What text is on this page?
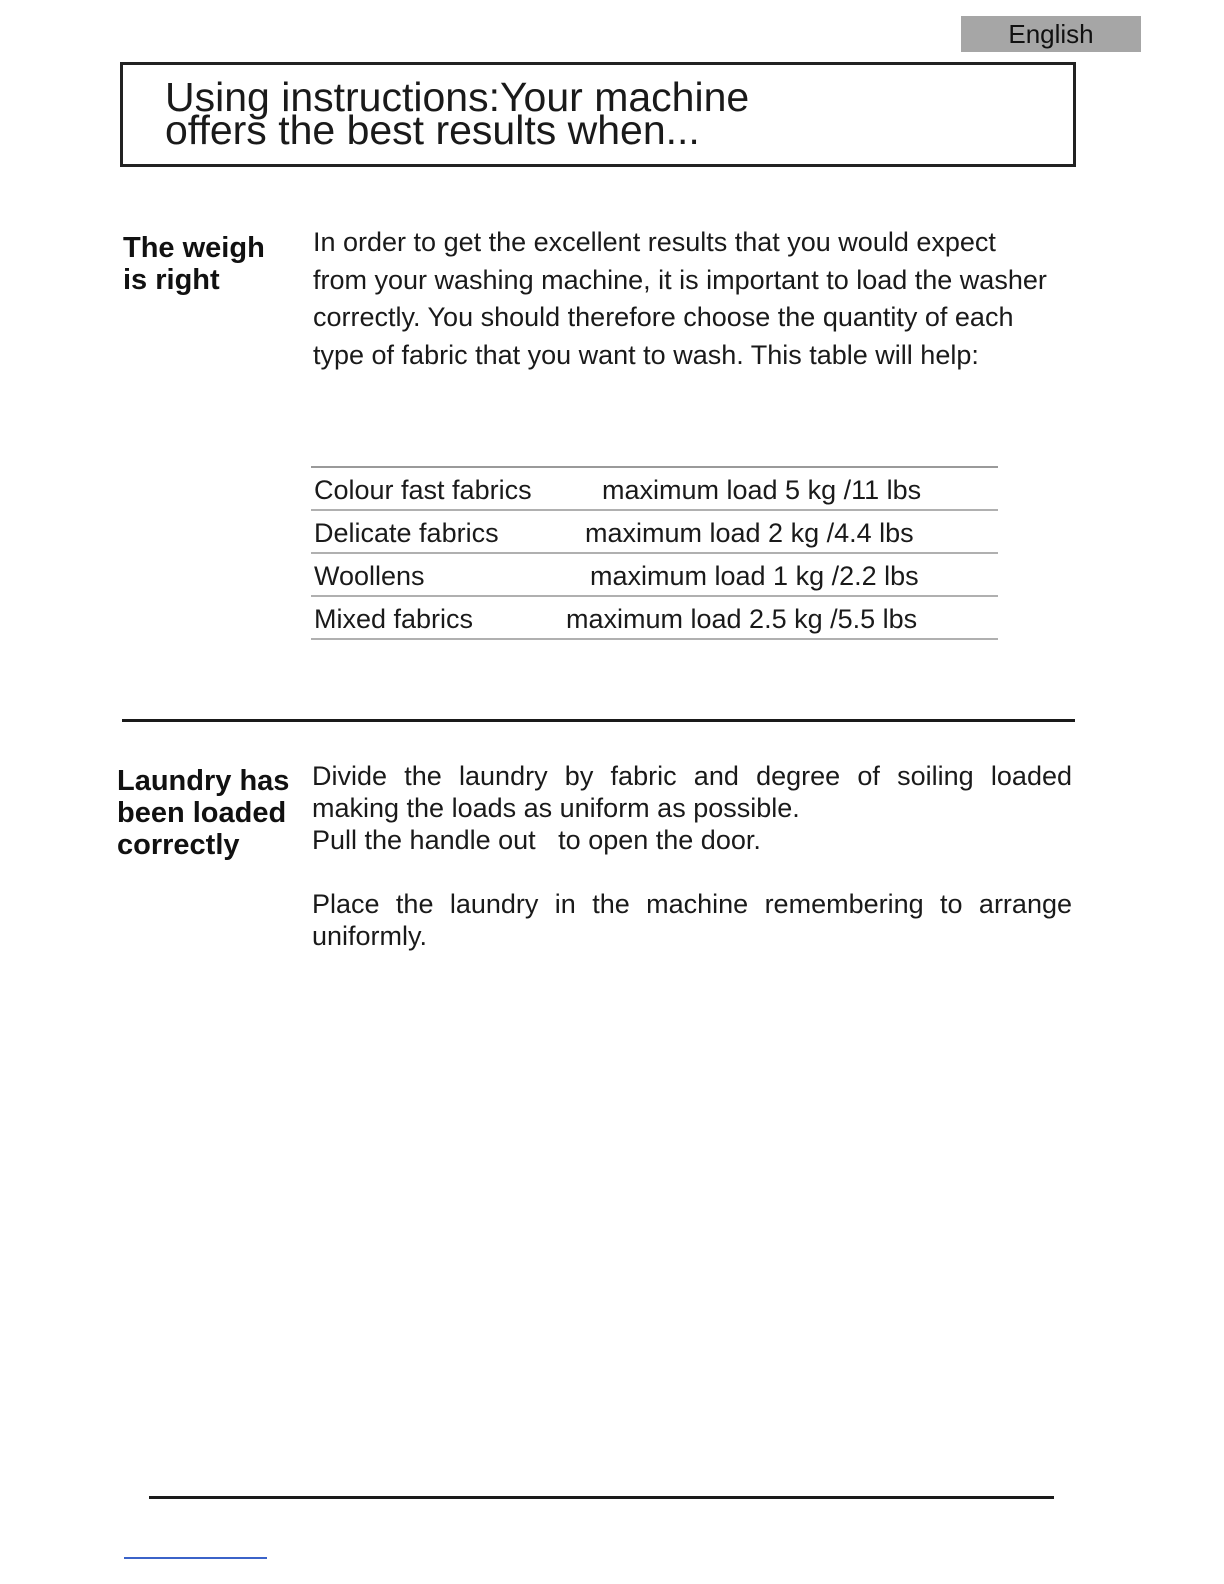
English
Using instructions:Your machine
offers the best results when...
The weigh
is right
In order to get the excellent results that you would expect
from your washing machine, it is important to load the washer
correctly. You should therefore choose the quantity of each
type of fabric that you want to wash. This table will help:
Colour fast fabrics	maximum load 5 kg /11 lbs
Delicate fabrics	maximum load 2 kg /4.4 lbs
Woollens	maximum load 1 kg /2.2 lbs
Mixed fabrics	maximum load 2.5 kg /5.5 lbs
Laundry has
been loaded
correctly
Divide the laundry by fabric and degree of soiling loaded
making the loads as uniform as possible.
Pull the handle out   to open the door.
Place the laundry in the machine remembering to arrange
uniformly.
